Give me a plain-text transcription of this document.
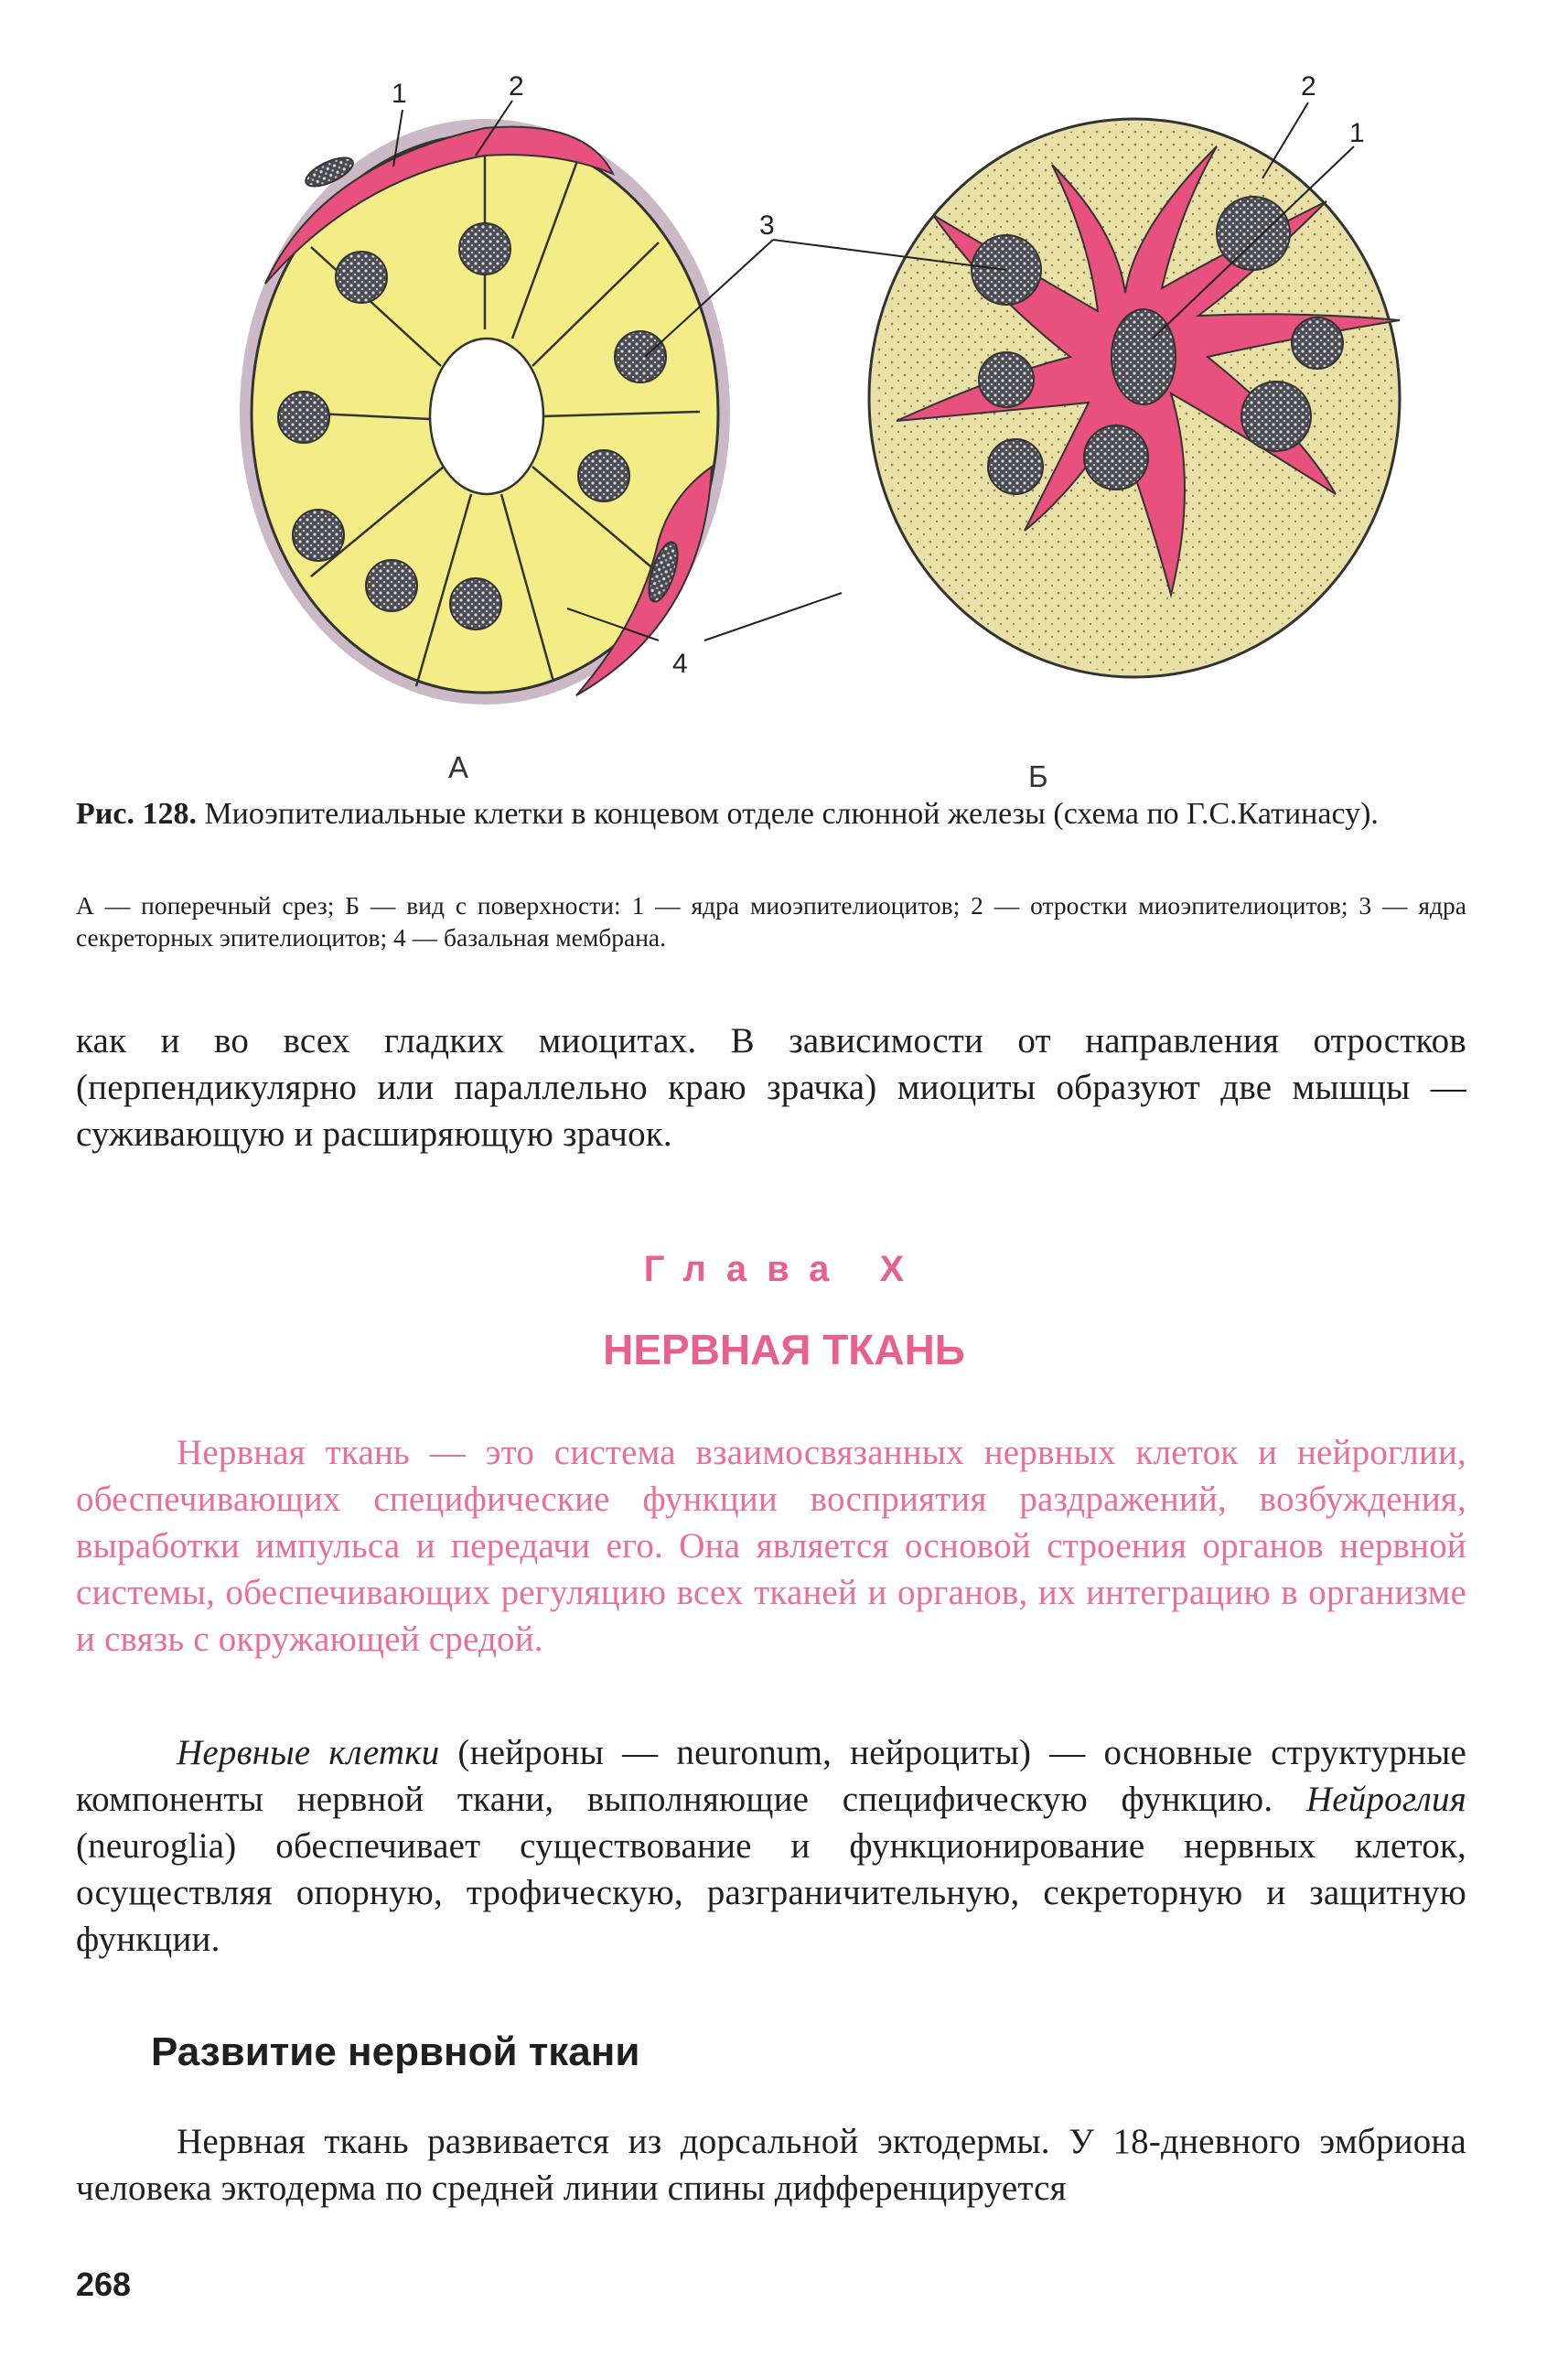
1	2	2
1
3
4
А	Б
Рис. 128. Миоэпителиальные клетки в концевом отделе слюнной железы (схема по Г.С.Катинасу).
А — поперечный срез; Б — вид с поверхности: 1 — ядра миоэпителиоцитов; 2 — отростки миоэпителиоцитов; 3 — ядра секреторных эпителиоцитов; 4 — базальная мембрана.
как и во всех гладких миоцитах. В зависимости от направления отростков (перпендикулярно или параллельно краю зрачка) миоциты образуют две мышцы — суживающую и расширяющую зрачок.
Глава X
НЕРВНАЯ ТКАНЬ
Нервная ткань — это система взаимосвязанных нервных клеток и нейроглии, обеспечивающих специфические функции восприятия раздражений, возбуждения, выработки импульса и передачи его. Она является основой строения органов нервной системы, обеспечивающих регуляцию всех тканей и органов, их интеграцию в организме и связь с окружающей средой.
Нервные клетки (нейроны — neuronum, нейроциты) — основные структурные компоненты нервной ткани, выполняющие специфическую функцию. Нейроглия (neuroglia) обеспечивает существование и функционирование нервных клеток, осуществляя опорную, трофическую, разграничительную, секреторную и защитную функции.
Развитие нервной ткани
Нервная ткань развивается из дорсальной эктодермы. У 18-дневного эмбриона человека эктодерма по средней линии спины дифференцируется
268
